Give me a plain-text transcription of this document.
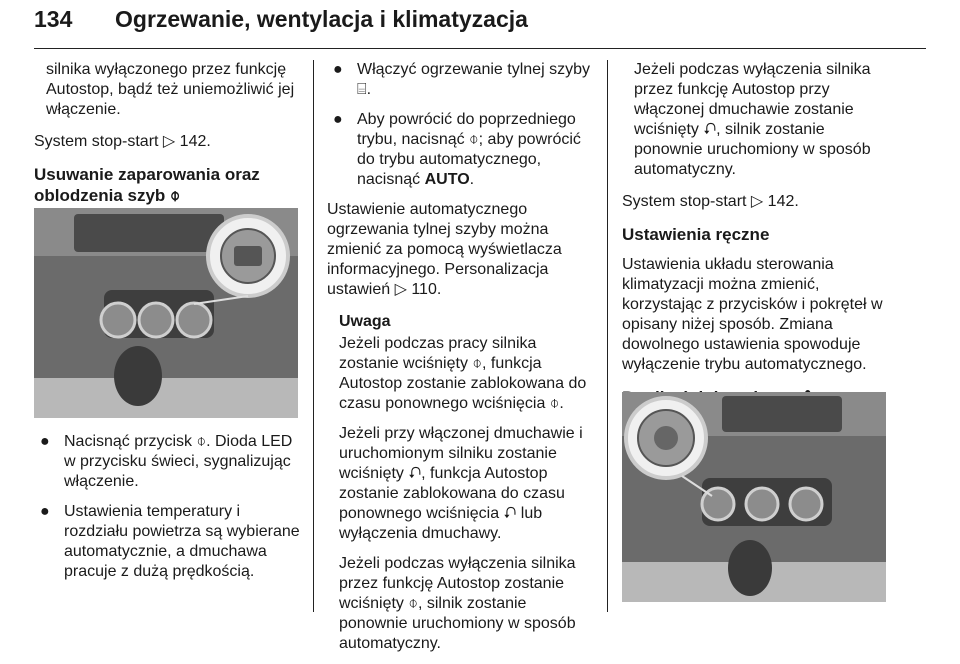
134 Ogrzewanie, wentylacja i klimatyzacja

silnika wyłączonego przez funkcję Autostop, bądź też uniemożliwić jej włączenie.

System stop-start ▷ 142.

Usuwanie zaparowania oraz oblodzenia szyb ⌽
● Nacisnąć przycisk ⌽. Dioda LED w przycisku świeci, sygnalizując włączenie.
● Ustawienia temperatury i rozdziału powietrza są wybierane automatycznie, a dmuchawa pracuje z dużą prędkością.
● Włączyć ogrzewanie tylnej szyby ⌸.
● Aby powrócić do poprzedniego trybu, nacisnąć ⌽; aby powrócić do trybu automatycznego, nacisnąć AUTO.

Ustawienie automatycznego ogrzewania tylnej szyby można zmienić za pomocą wyświetlacza informacyjnego. Personalizacja ustawień ▷ 110.

Uwaga

Jeżeli podczas pracy silnika zostanie wciśnięty ⌽, funkcja Autostop zostanie zablokowana do czasu ponownego wciśnięcia ⌽.

Jeżeli przy włączonej dmuchawie i uruchomionym silniku zostanie wciśnięty ⮏, funkcja Autostop zostanie zablokowana do czasu ponownego wciśnięcia ⮏ lub wyłączenia dmuchawy.

Jeżeli podczas wyłączenia silnika przez funkcję Autostop zostanie wciśnięty ⌽, silnik zostanie ponownie uruchomiony w sposób automatyczny.

Jeżeli podczas wyłączenia silnika przez funkcję Autostop przy włączonej dmuchawie zostanie wciśnięty ⮏, silnik zostanie ponownie uruchomiony w sposób automatyczny.

System stop-start ▷ 142.

Ustawienia ręczne

Ustawienia układu sterowania klimatyzacji można zmienić, korzystając z przycisków i pokręteł w opisany niżej sposób. Zmiana dowolnego ustawienia spowoduje wyłączenie trybu automatycznego.
